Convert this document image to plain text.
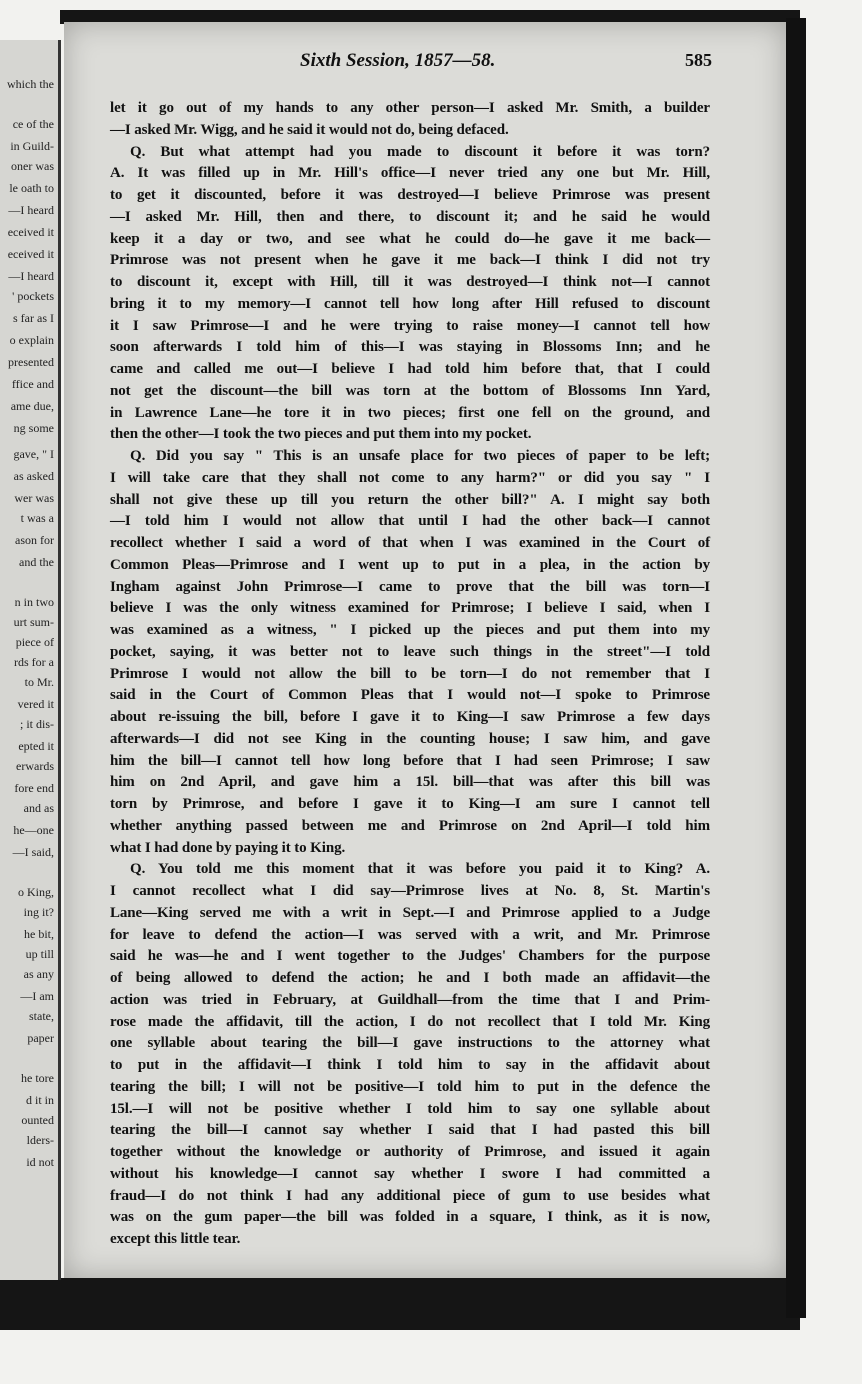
which the
ce of the
in Guild-
oner was
le oath to
—I heard
eceived it
eceived it
—I heard
' pockets
s far as I
o explain
presented
ffice and
ame due,
ng some
gave, " I
as asked
wer was
t was a
ason for
and the
n in two
urt sum-
piece of
rds for a
to Mr.
vered it
; it dis-
epted it
erwards
fore end
and as
he—one
—I said,
o King,
ing it?
he bit,
up till
as any
—I am
state,
paper
he tore
d it in
ounted
lders-
id not
Sixth Session, 1857—58.	585
let it go out of my hands to any other person—I asked Mr. Smith, a builder
—I asked Mr. Wigg, and he said it would not do, being defaced.
Q. But what attempt had you made to discount it before it was torn?
A. It was filled up in Mr. Hill's office—I never tried any one but Mr. Hill,
to get it discounted, before it was destroyed—I believe Primrose was present
—I asked Mr. Hill, then and there, to discount it; and he said he would
keep it a day or two, and see what he could do—he gave it me back—
Primrose was not present when he gave it me back—I think I did not try
to discount it, except with Hill, till it was destroyed—I think not—I cannot
bring it to my memory—I cannot tell how long after Hill refused to discount
it I saw Primrose—I and he were trying to raise money—I cannot tell how
soon afterwards I told him of this—I was staying in Blossoms Inn; and he
came and called me out—I believe I had told him before that, that I could
not get the discount—the bill was torn at the bottom of Blossoms Inn Yard,
in Lawrence Lane—he tore it in two pieces; first one fell on the ground, and
then the other—I took the two pieces and put them into my pocket.
Q. Did you say " This is an unsafe place for two pieces of paper to be left;
I will take care that they shall not come to any harm?" or did you say " I
shall not give these up till you return the other bill?" A. I might say both
—I told him I would not allow that until I had the other back—I cannot
recollect whether I said a word of that when I was examined in the Court of
Common Pleas—Primrose and I went up to put in a plea, in the action by
Ingham against John Primrose—I came to prove that the bill was torn—I
believe I was the only witness examined for Primrose; I believe I said, when I
was examined as a witness, " I picked up the pieces and put them into my
pocket, saying, it was better not to leave such things in the street"—I told
Primrose I would not allow the bill to be torn—I do not remember that I
said in the Court of Common Pleas that I would not—I spoke to Primrose
about re-issuing the bill, before I gave it to King—I saw Primrose a few days
afterwards—I did not see King in the counting house; I saw him, and gave
him the bill—I cannot tell how long before that I had seen Primrose; I saw
him on 2nd April, and gave him a 15l. bill—that was after this bill was
torn by Primrose, and before I gave it to King—I am sure I cannot tell
whether anything passed between me and Primrose on 2nd April—I told him
what I had done by paying it to King.
Q. You told me this moment that it was before you paid it to King? A.
I cannot recollect what I did say—Primrose lives at No. 8, St. Martin's
Lane—King served me with a writ in Sept.—I and Primrose applied to a Judge
for leave to defend the action—I was served with a writ, and Mr. Primrose
said he was—he and I went together to the Judges' Chambers for the purpose
of being allowed to defend the action; he and I both made an affidavit—the
action was tried in February, at Guildhall—from the time that I and Prim-
rose made the affidavit, till the action, I do not recollect that I told Mr. King
one syllable about tearing the bill—I gave instructions to the attorney what
to put in the affidavit—I think I told him to say in the affidavit about
tearing the bill; I will not be positive—I told him to put in the defence the
15l.—I will not be positive whether I told him to say one syllable about
tearing the bill—I cannot say whether I said that I had pasted this bill
together without the knowledge or authority of Primrose, and issued it again
without his knowledge—I cannot say whether I swore I had committed a
fraud—I do not think I had any additional piece of gum to use besides what
was on the gum paper—the bill was folded in a square, I think, as it is now,
except this little tear.
